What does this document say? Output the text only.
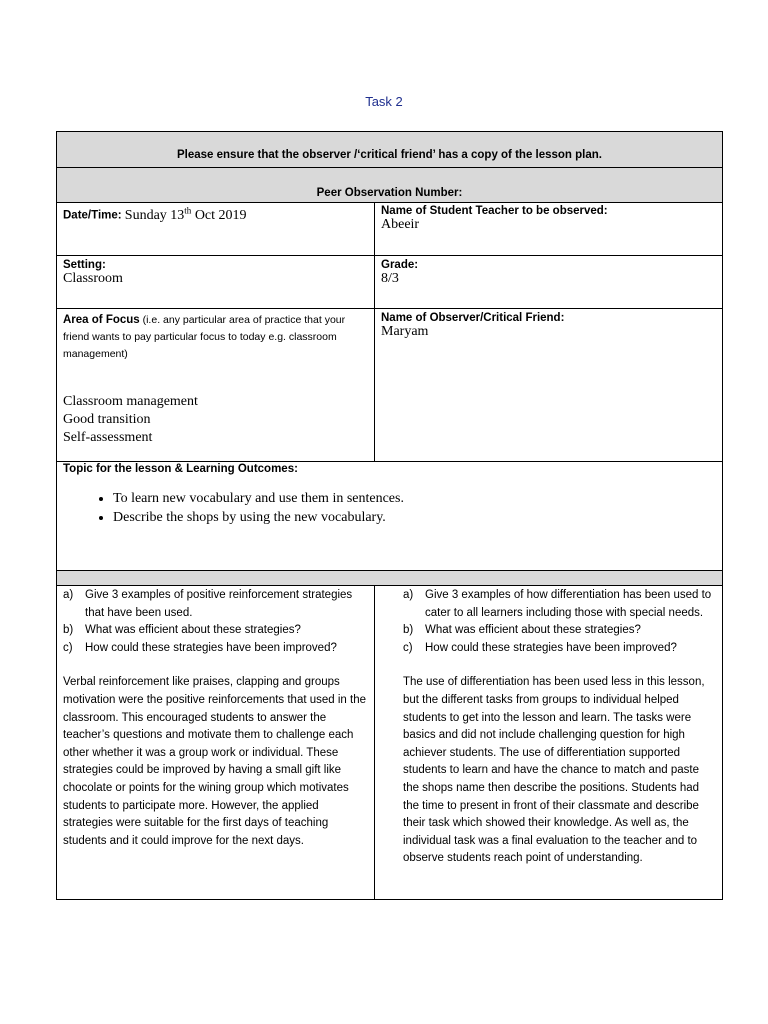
Task 2
Please ensure that the observer /‘critical friend’ has a copy of the lesson plan.
Peer Observation Number:
Date/Time: Sunday 13th Oct 2019	Name of Student Teacher to be observed:
Abeeir
Setting:
Classroom
Grade:
8/3
Area of Focus (i.e. any particular area of practice that your friend wants to pay particular focus to today e.g. classroom management)
Classroom management
Good transition
Self-assessment
Name of Observer/Critical Friend:
Maryam
Topic for the lesson & Learning Outcomes:
• To learn new vocabulary and use them in sentences.
• Describe the shops by using the new vocabulary.
a) Give 3 examples of positive reinforcement strategies that have been used.
b) What was efficient about these strategies?
c) How could these strategies have been improved?

Verbal reinforcement like praises, clapping and groups motivation were the positive reinforcements that used in the classroom. This encouraged students to answer the teacher’s questions and motivate them to challenge each other whether it was a group work or individual. These strategies could be improved by having a small gift like chocolate or points for the wining group which motivates students to participate more. However, the applied strategies were suitable for the first days of teaching students and it could improve for the next days.

a) Give 3 examples of how differentiation has been used to cater to all learners including those with special needs.
b) What was efficient about these strategies?
c) How could these strategies have been improved?

The use of differentiation has been used less in this lesson, but the different tasks from groups to individual helped students to get into the lesson and learn. The tasks were basics and did not include challenging question for high achiever students. The use of differentiation supported students to learn and have the chance to match and paste the shops name then describe the positions. Students had the time to present in front of their classmate and describe their task which showed their knowledge. As well as, the individual task was a final evaluation to the teacher and to observe students reach point of understanding.
